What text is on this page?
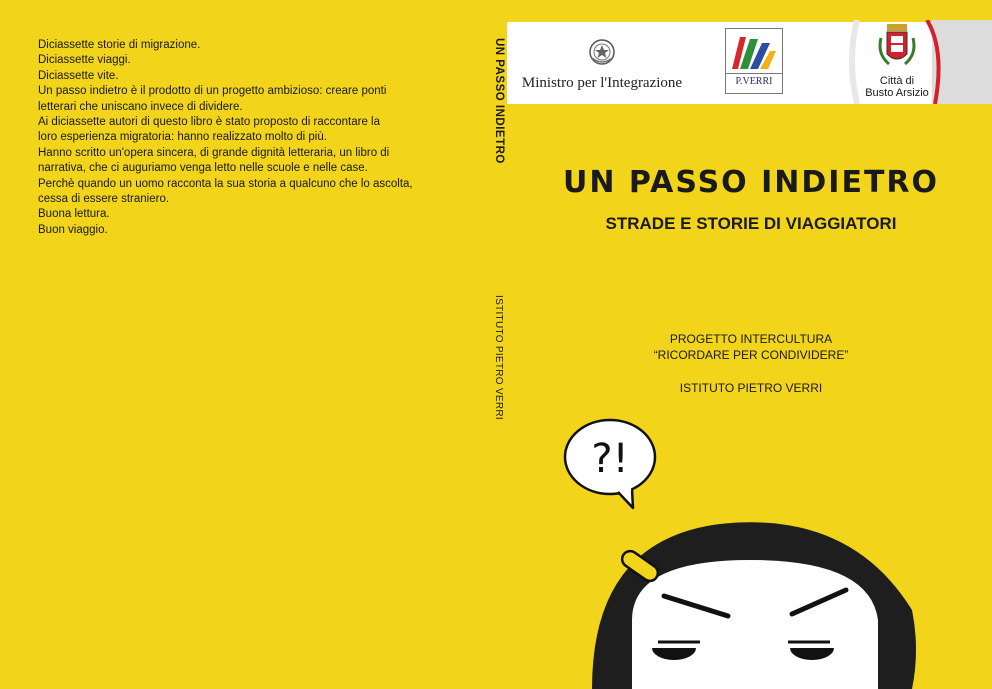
Diciassette storie di migrazione.
Diciassette viaggi.
Diciassette vite.
Un passo indietro è il prodotto di un progetto ambizioso: creare ponti
letterari che uniscano invece di dividere.
Ai diciassette autori di questo libro è stato proposto di raccontare la
loro esperienza migratoria: hanno realizzato molto di più.
Hanno scritto un'opera sincera, di grande dignità letteraria, un libro di
narrativa, che ci auguriamo venga letto nelle scuole e nelle case.
Perchè quando un uomo racconta la sua storia a qualcuno che lo ascolta,
cessa di essere straniero.
Buona lettura.
Buon viaggio.
UN PASSO INDIETRO
ISTITUTO PIETRO VERRI
Ministro per l'Integrazione	P.VERRI	Città di
Busto Arsizio
UN PASSO INDIETRO
STRADE E STORIE DI VIAGGIATORI
PROGETTO INTERCULTURA
“RICORDARE PER CONDIVIDERE”
ISTITUTO PIETRO VERRI
?!
